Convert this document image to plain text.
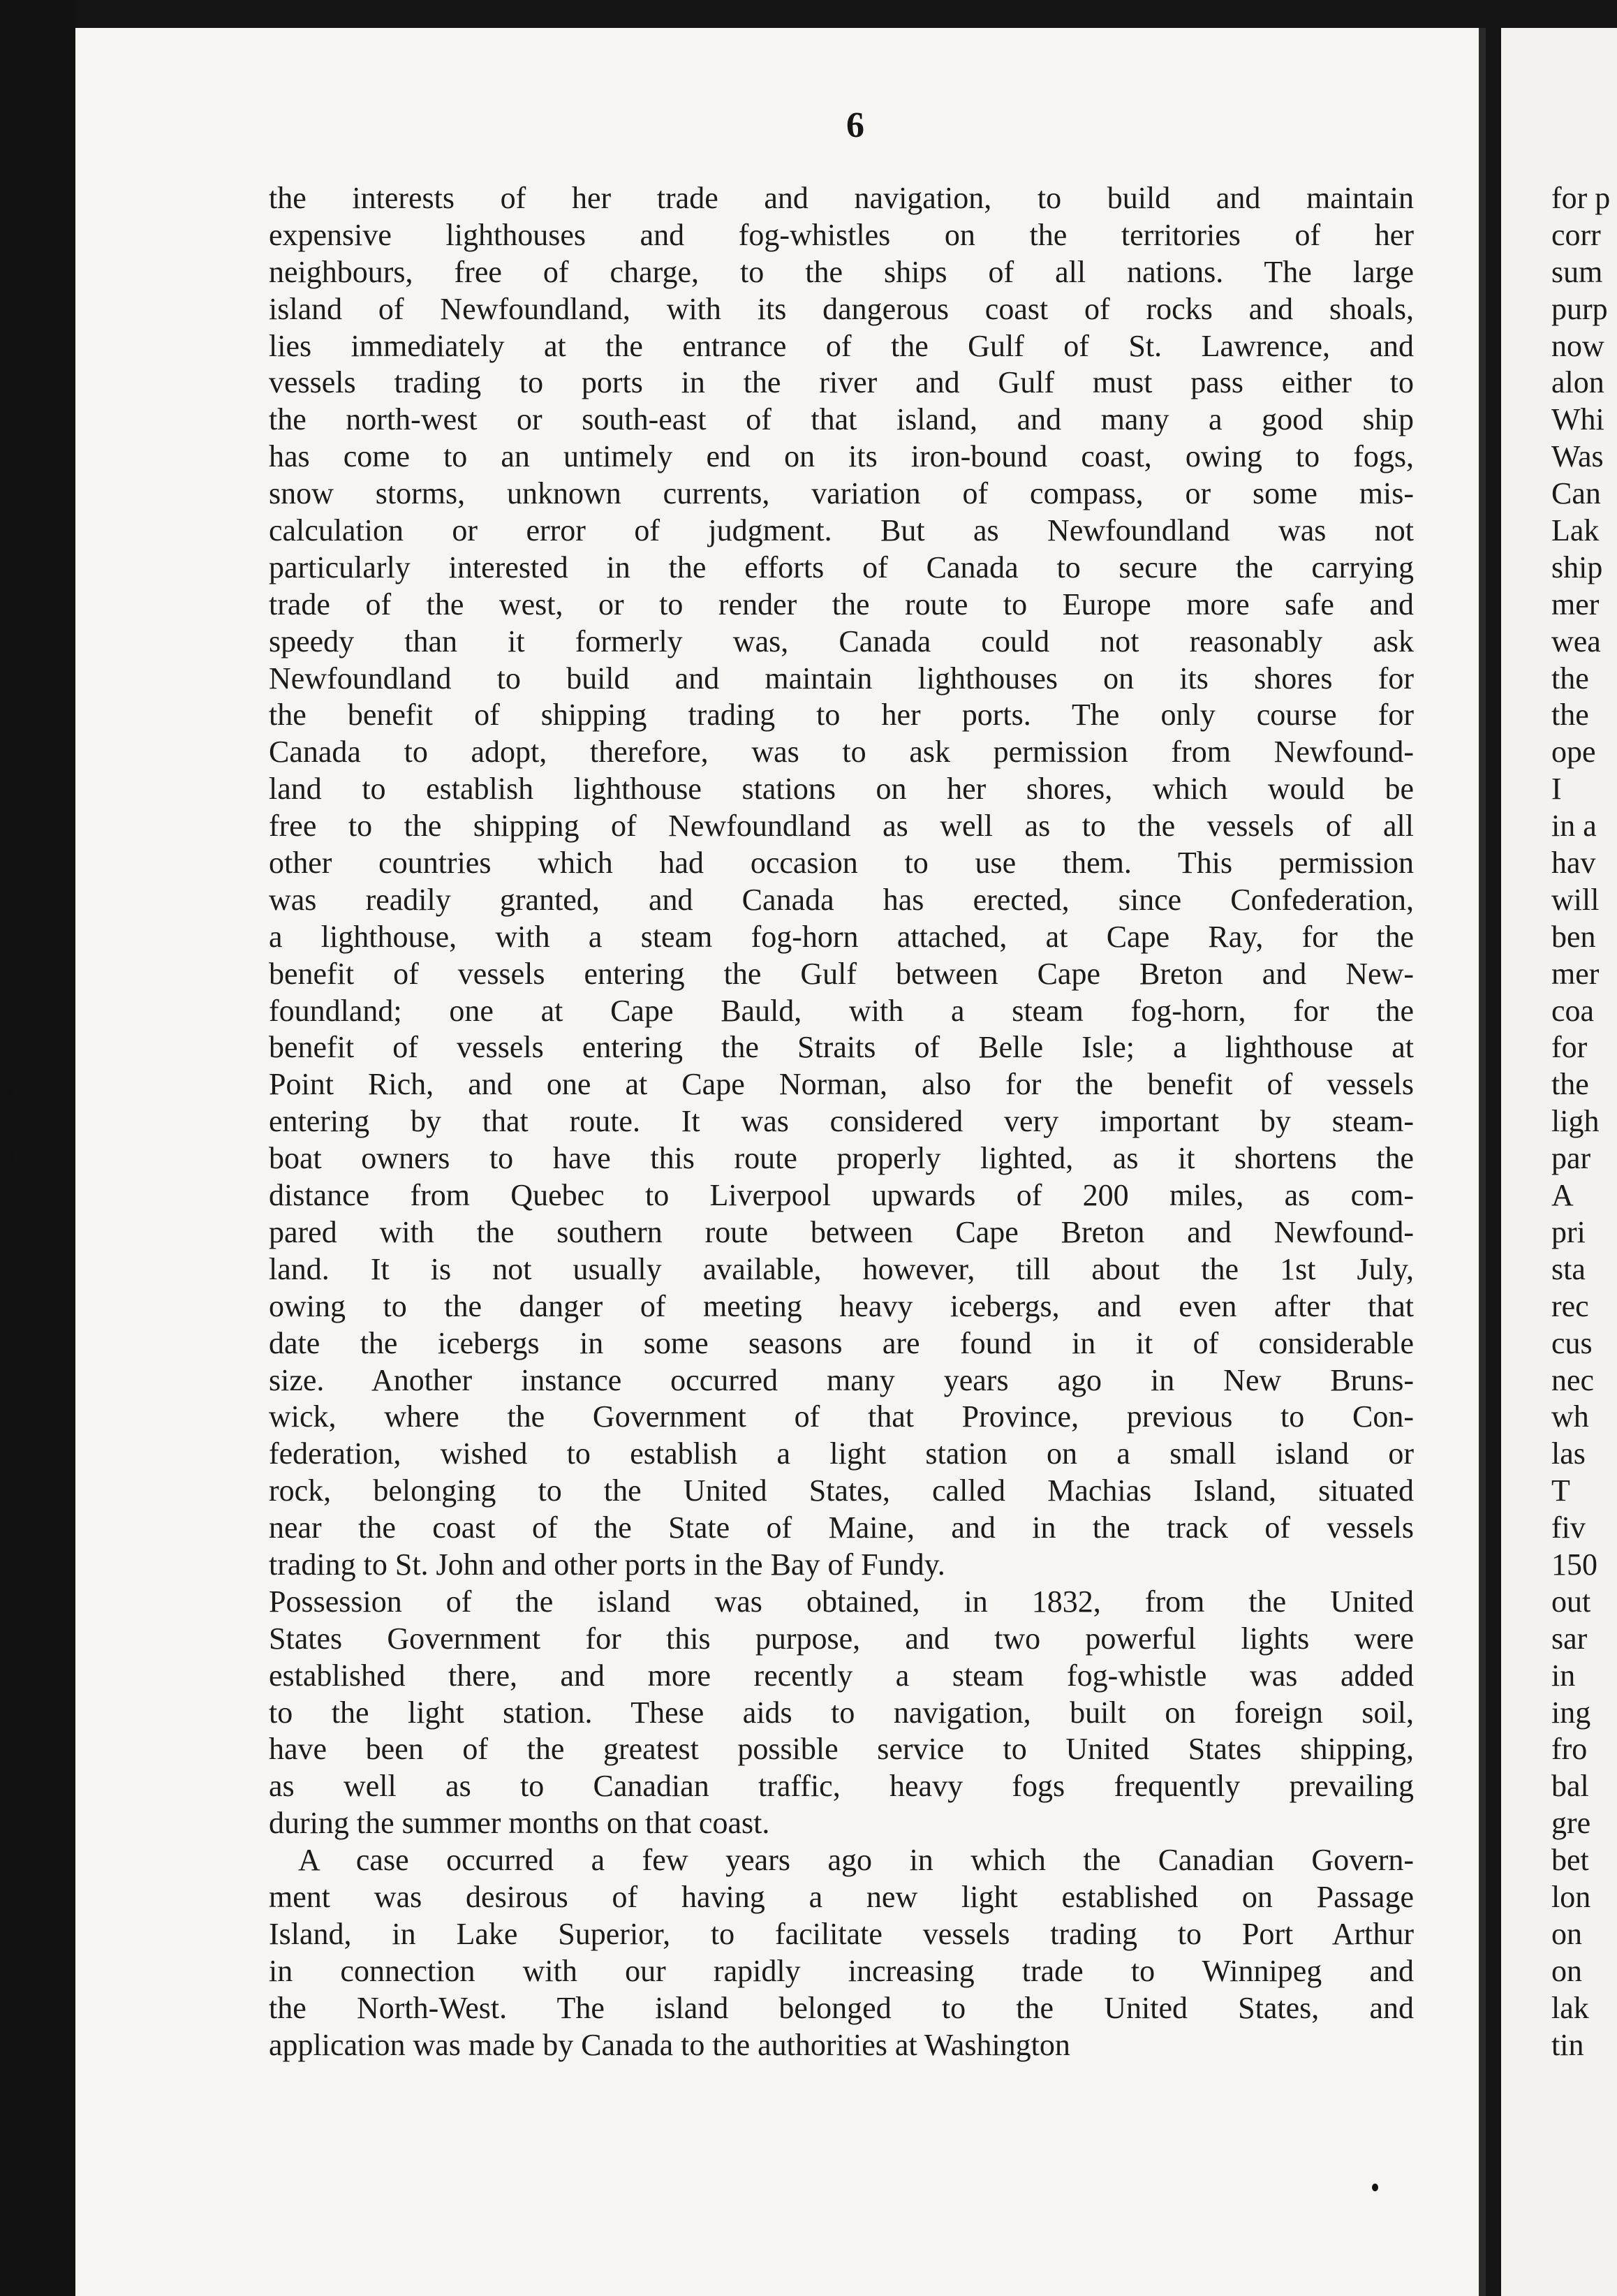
6
the interests of her trade and navigation, to build and maintain
expensive lighthouses and fog-whistles on the territories of her
neighbours, free of charge, to the ships of all nations. The large
island of Newfoundland, with its dangerous coast of rocks and shoals,
lies immediately at the entrance of the Gulf of St. Lawrence, and
vessels trading to ports in the river and Gulf must pass either to
the north-west or south-east of that island, and many a good ship
has come to an untimely end on its iron-bound coast, owing to fogs,
snow storms, unknown currents, variation of compass, or some mis-
calculation or error of judgment. But as Newfoundland was not
particularly interested in the efforts of Canada to secure the carrying
trade of the west, or to render the route to Europe more safe and
speedy than it formerly was, Canada could not reasonably ask
Newfoundland to build and maintain lighthouses on its shores for
the benefit of shipping trading to her ports. The only course for
Canada to adopt, therefore, was to ask permission from Newfound-
land to establish lighthouse stations on her shores, which would be
free to the shipping of Newfoundland as well as to the vessels of all
other countries which had occasion to use them. This permission
was readily granted, and Canada has erected, since Confederation,
a lighthouse, with a steam fog-horn attached, at Cape Ray, for the
benefit of vessels entering the Gulf between Cape Breton and New-
foundland; one at Cape Bauld, with a steam fog-horn, for the
benefit of vessels entering the Straits of Belle Isle; a lighthouse at
Point Rich, and one at Cape Norman, also for the benefit of vessels
entering by that route. It was considered very important by steam-
boat owners to have this route properly lighted, as it shortens the
distance from Quebec to Liverpool upwards of 200 miles, as com-
pared with the southern route between Cape Breton and Newfound-
land. It is not usually available, however, till about the 1st July,
owing to the danger of meeting heavy icebergs, and even after that
date the icebergs in some seasons are found in it of considerable
size. Another instance occurred many years ago in New Bruns-
wick, where the Government of that Province, previous to Con-
federation, wished to establish a light station on a small island or
rock, belonging to the United States, called Machias Island, situated
near the coast of the State of Maine, and in the track of vessels
trading to St. John and other ports in the Bay of Fundy.
Possession of the island was obtained, in 1832, from the United
States Government for this purpose, and two powerful lights were
established there, and more recently a steam fog-whistle was added
to the light station. These aids to navigation, built on foreign soil,
have been of the greatest possible service to United States shipping,
as well as to Canadian traffic, heavy fogs frequently prevailing
during the summer months on that coast.
A case occurred a few years ago in which the Canadian Govern-
ment was desirous of having a new light established on Passage
Island, in Lake Superior, to facilitate vessels trading to Port Arthur
in connection with our rapidly increasing trade to Winnipeg and
the North-West. The island belonged to the United States, and
application was made by Canada to the authorities at Washington
for p
corr
sum
purp
now
alon
Whi
Was
Can
Lak
ship
mer
wea
the
the
ope
I
in a
hav
will
ben
mer
coa
for
the
ligh
par
A
pri
sta
rec
cus
nec
wh
las
T
fiv
150
out
sar
in
ing
fro
bal
gre
bet
lon
on
on
lak
tin
